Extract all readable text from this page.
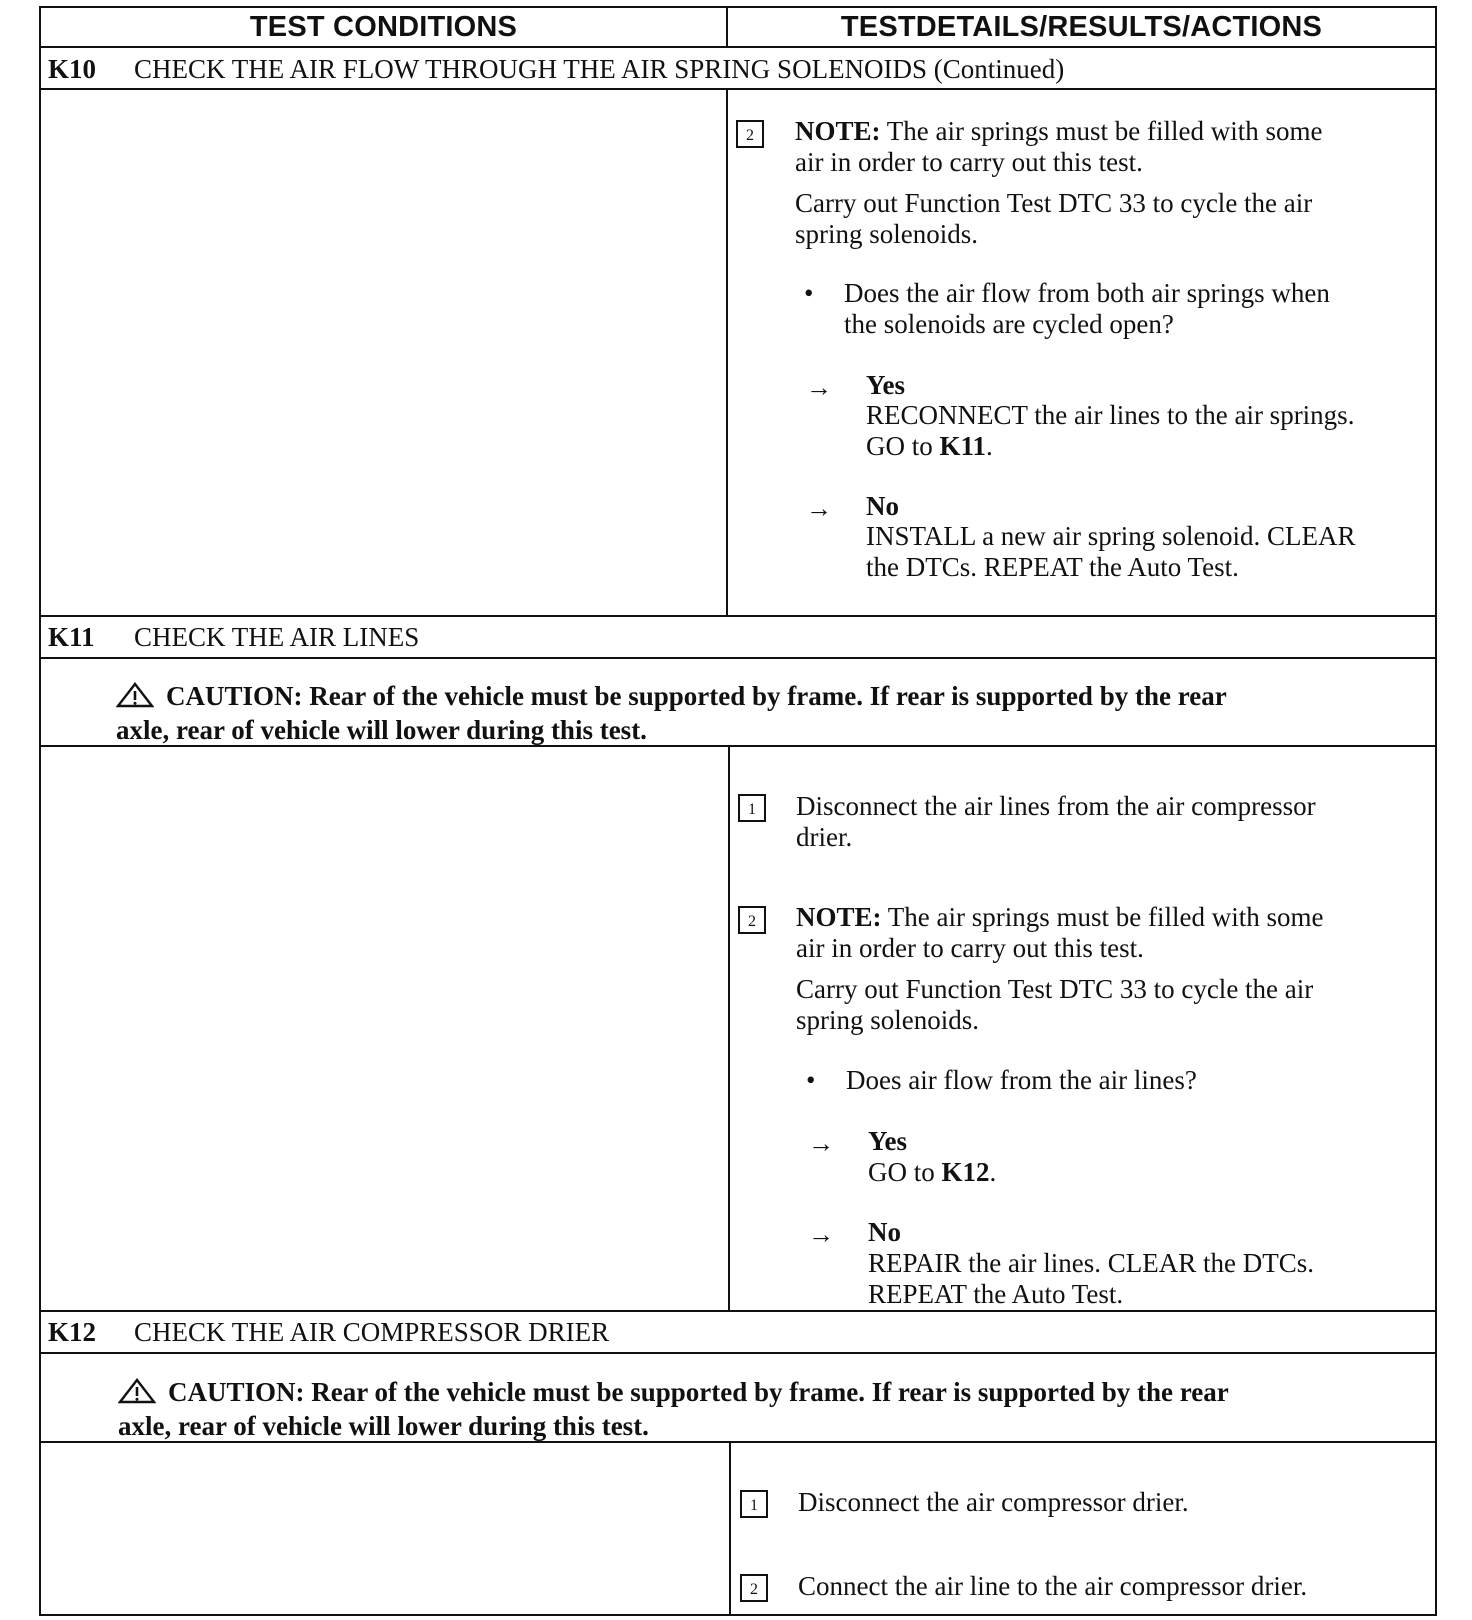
TEST CONDITIONS	TESTDETAILS/RESULTS/ACTIONS
K10 CHECK THE AIR FLOW THROUGH THE AIR SPRING SOLENOIDS (Continued)
2	NOTE: The air springs must be filled with some
air in order to carry out this test.
Carry out Function Test DTC 33 to cycle the air
spring solenoids.
• Does the air flow from both air springs when
the solenoids are cycled open?
→ Yes
RECONNECT the air lines to the air springs.
GO to K11.
→ No
INSTALL a new air spring solenoid. CLEAR
the DTCs. REPEAT the Auto Test.
K11 CHECK THE AIR LINES
CAUTION: Rear of the vehicle must be supported by frame. If rear is supported by the rear
axle, rear of vehicle will lower during this test.
1	Disconnect the air lines from the air compressor
drier.
2	NOTE: The air springs must be filled with some
air in order to carry out this test.
Carry out Function Test DTC 33 to cycle the air
spring solenoids.
• Does air flow from the air lines?
→ Yes
GO to K12.
→ No
REPAIR the air lines. CLEAR the DTCs.
REPEAT the Auto Test.
K12 CHECK THE AIR COMPRESSOR DRIER
CAUTION: Rear of the vehicle must be supported by frame. If rear is supported by the rear
axle, rear of vehicle will lower during this test.
1	Disconnect the air compressor drier.
2	Connect the air line to the air compressor drier.
